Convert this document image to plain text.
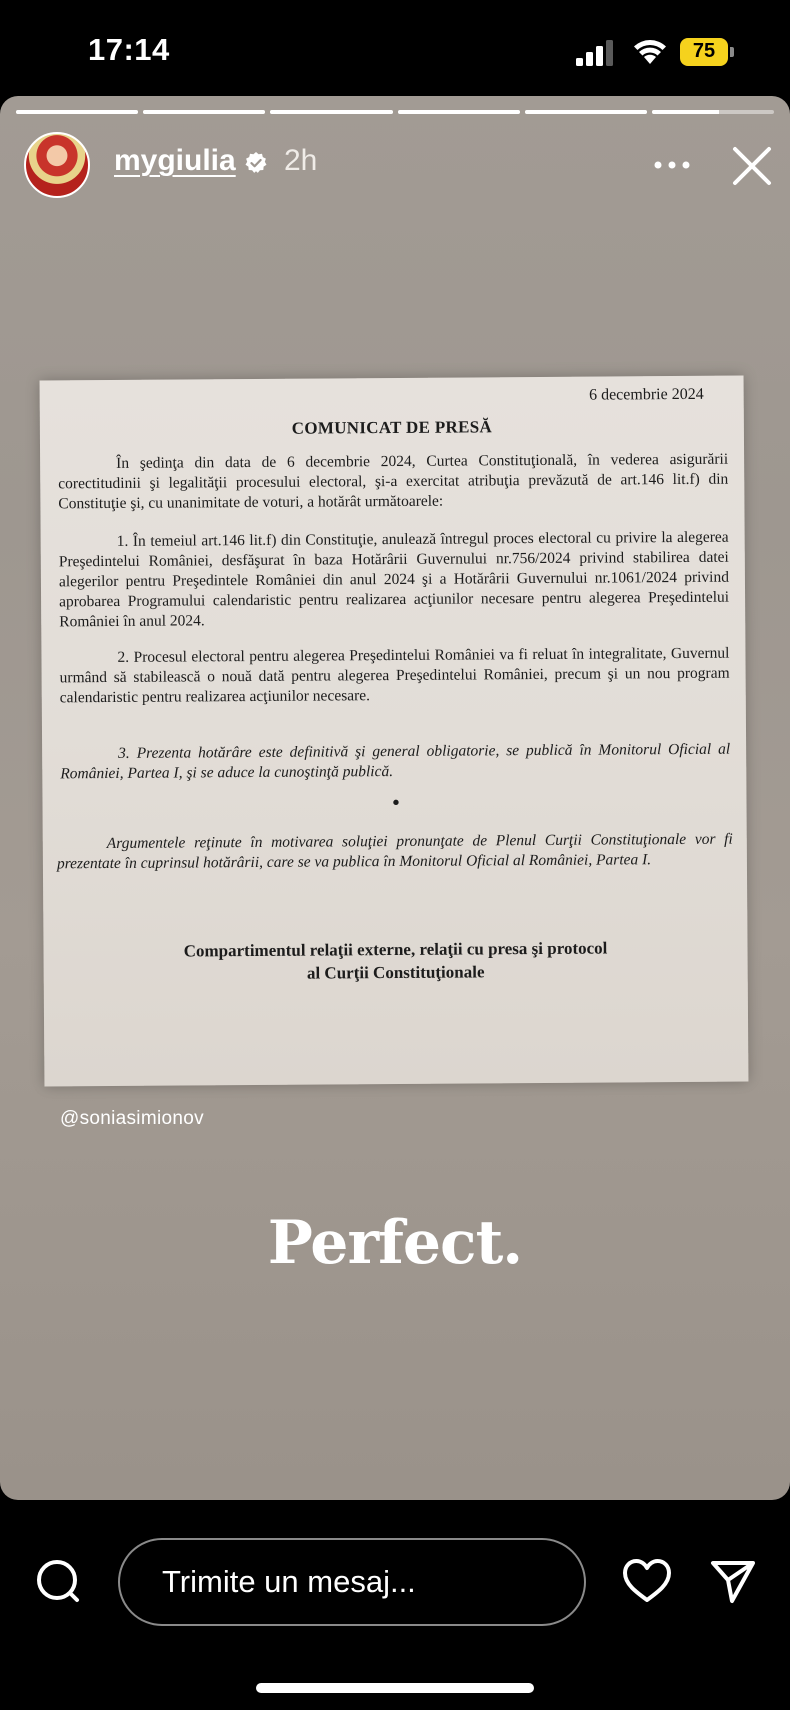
17:14	75
mygiulia 2h
6 decembrie 2024
COMUNICAT DE PRESĂ

În şedinţa din data de 6 decembrie 2024, Curtea Constituţională, în vederea asigurării corectitudinii şi legalităţii procesului electoral, şi-a exercitat atribuţia prevăzută de art.146 lit.f) din Constituţie şi, cu unanimitate de voturi, a hotărât următoarele:

1. În temeiul art.146 lit.f) din Constituţie, anulează întregul proces electoral cu privire la alegerea Preşedintelui României, desfăşurat în baza Hotărârii Guvernului nr.756/2024 privind stabilirea datei alegerilor pentru Preşedintele României din anul 2024 şi a Hotărârii Guvernului nr.1061/2024 privind aprobarea Programului calendaristic pentru realizarea acţiunilor necesare pentru alegerea Preşedintelui României în anul 2024.

2. Procesul electoral pentru alegerea Preşedintelui României va fi reluat în integralitate, Guvernul urmând să stabilească o nouă dată pentru alegerea Preşedintelui României, precum şi un nou program calendaristic pentru realizarea acţiunilor necesare.

3. Prezenta hotărâre este definitivă şi general obligatorie, se publică în Monitorul Oficial al României, Partea I, şi se aduce la cunoştinţă publică.

•

Argumentele reţinute în motivarea soluţiei pronunţate de Plenul Curţii Constituţionale vor fi prezentate în cuprinsul hotărârii, care se va publica în Monitorul Oficial al României, Partea I.

Compartimentul relaţii externe, relaţii cu presa şi protocol
al Curţii Constituţionale
@soniasimionov
Perfect.
Trimite un mesaj...
